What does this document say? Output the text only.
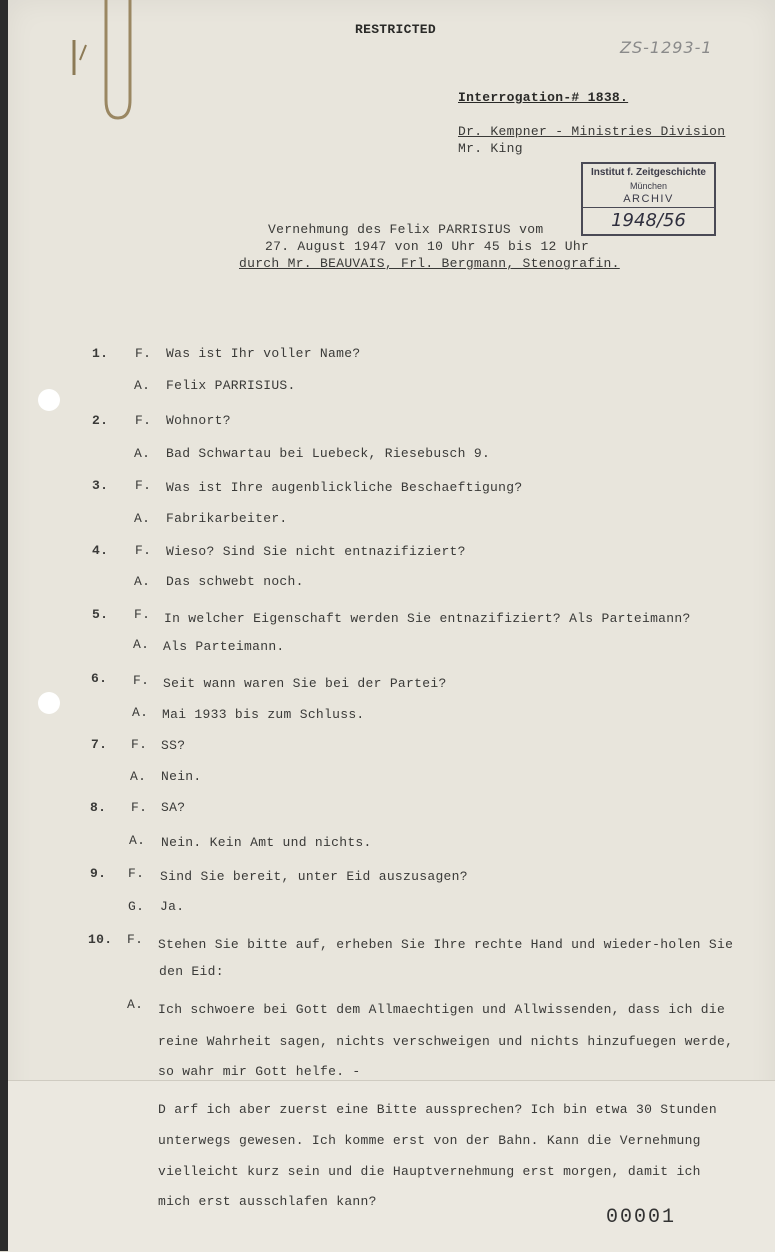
RESTRICTED
ZS-1293-1
Interrogation-# 1838.
Dr. Kempner - Ministries Division
Mr. King
Institut f. Zeitgeschichte
München
ARCHIV
1948/56
Vernehmung des Felix PARRISIUS vom
27. August 1947 von 10 Uhr 45 bis 12 Uhr
durch Mr. BEAUVAIS, Frl. Bergmann, Stenografin.
1. F. Was ist Ihr voller Name?
A. Felix PARRISIUS.
2. F. Wohnort?
A. Bad Schwartau bei Luebeck, Riesebusch 9.
3. F. Was ist Ihre augenblickliche Beschaeftigung?
A. Fabrikarbeiter.
4. F. Wieso? Sind Sie nicht entnazifiziert?
A. Das schwebt noch.
5. F. In welcher Eigenschaft werden Sie entnazifiziert? Als Parteimann?
A. Als Parteimann.
6. F. Seit wann waren Sie bei der Partei?
A. Mai 1933 bis zum Schluss.
7. F. SS?
A. Nein.
8. F. SA?
A. Nein. Kein Amt und nichts.
9. F. Sind Sie bereit, unter Eid auszusagen?
G. Ja.
10. F. Stehen Sie bitte auf, erheben Sie Ihre rechte Hand und wieder-holen Sie
den Eid:
A. Ich schwoere bei Gott dem Allmaechtigen und Allwissenden, dass ich die
reine Wahrheit sagen, nichts verschweigen und nichts hinzufuegen werde,
so wahr mir Gott helfe. -
D arf ich aber zuerst eine Bitte aussprechen? Ich bin etwa 30 Stunden
unterwegs gewesen. Ich komme erst von der Bahn. Kann die Vernehmung
vielleicht kurz sein und die Hauptvernehmung erst morgen, damit ich
mich erst ausschlafen kann?
00001
